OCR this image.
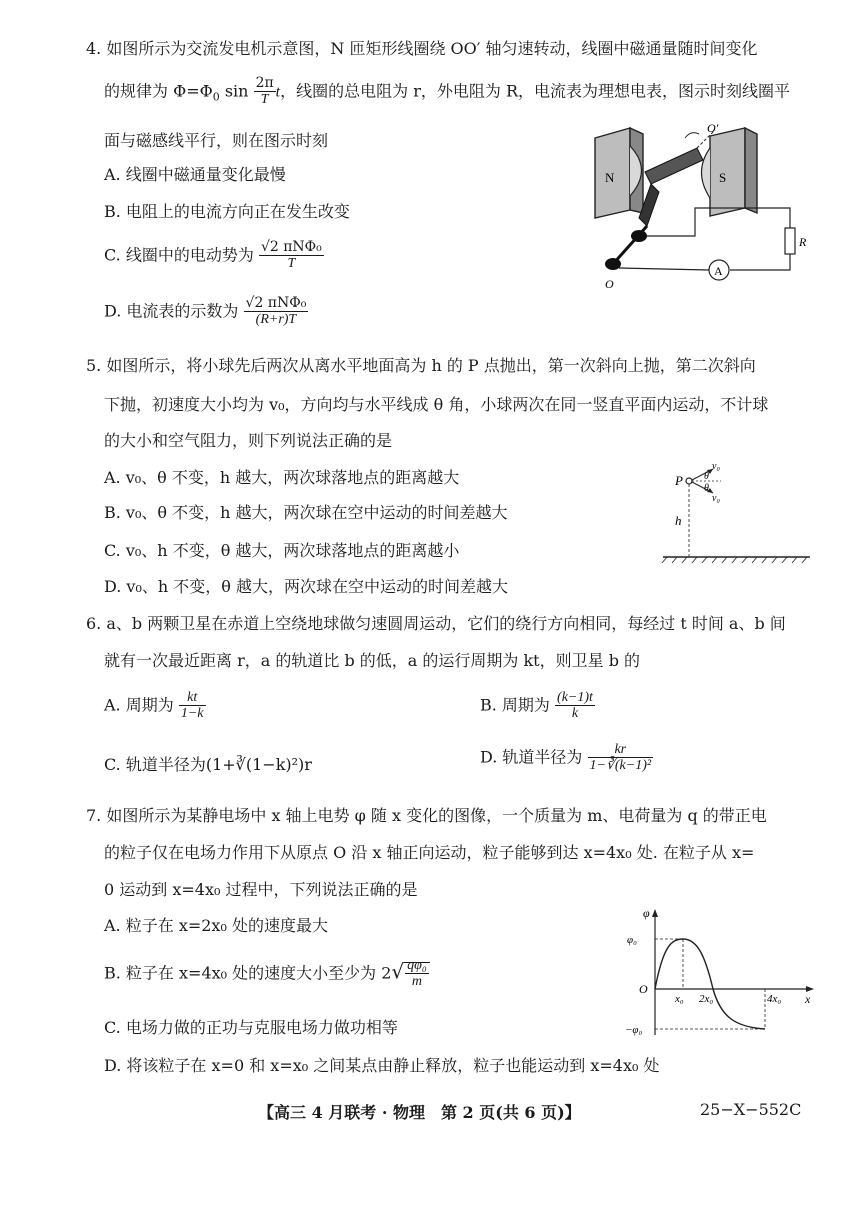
4. 如图所示为交流发电机示意图，N 匝矩形线圈绕 OO′ 轴匀速转动，线圈中磁通量随时间变化
的规律为 $\Phi=\Phi_0$ $\sin \frac{2\pi}{T}$ t，线圈的总电阻为 r，外电阻为 R，电流表为理想电表，图示时刻线圈平
面与磁感线平行，则在图示时刻
A. 线圈中磁通量变化最慢
B. 电阻上的电流方向正在发生改变
C. 线圈中的电动势为 $\frac{\text{√2 πNΦ₀}}{T}$
D. 电流表的示数为 $\frac{\text{√2 πNΦ₀}}{(R+r)T}$
N	S
O′
O
R
A
5. 如图所示，将小球先后两次从离水平地面高为 h 的 P 点抛出，第一次斜向上抛，第二次斜向
下抛，初速度大小均为 v₀，方向均与水平线成 θ 角，小球两次在同一竖直平面内运动，不计球
的大小和空气阻力，则下列说法正确的是
A. v₀、θ 不变，h 越大，两次球落地点的距离越大
B. v₀、θ 不变，h 越大，两次球在空中运动的时间差越大
C. v₀、h 不变，θ 越大，两次球落地点的距离越小
D. v₀、h 不变，θ 越大，两次球在空中运动的时间差越大
P
v₀
v₀
θ
θ
h
6. a、b 两颗卫星在赤道上空绕地球做匀速圆周运动，它们的绕行方向相同，每经过 t 时间 a、b 间
就有一次最近距离 r，a 的轨道比 b 的低，a 的运行周期为 kt，则卫星 b 的
A. 周期为 $\frac{kt}{1-k}$	B. 周期为 $\frac{(k-1)t}{k}$
C. 轨道半径为(1+∛(1−k)²)r	D. 轨道半径为 $\frac{kr}{\text{1−∛(k−1)²}}$
7. 如图所示为某静电场中 x 轴上电势 φ 随 x 变化的图像，一个质量为 m、电荷量为 q 的带正电
的粒子仅在电场力作用下从原点 O 沿 x 轴正向运动，粒子能够到达 x=4x₀ 处. 在粒子从 x=
0 运动到 x=4x₀ 过程中，下列说法正确的是
A. 粒子在 x=2x₀ 处的速度最大
B. 粒子在 x=4x₀ 处的速度大小至少为 $2√ \frac{\text{qφ₀}}{m}$
C. 电场力做的正功与克服电场力做功相等
D. 将该粒子在 x=0 和 x=x₀ 之间某点由静止释放，粒子也能运动到 x=4x₀ 处
φ
x
O
φ₀
−φ₀
x₀ 2x₀	4x₀
【高三 4 月联考 · 物理　第 2 页(共 6 页)】	25−X−552C
